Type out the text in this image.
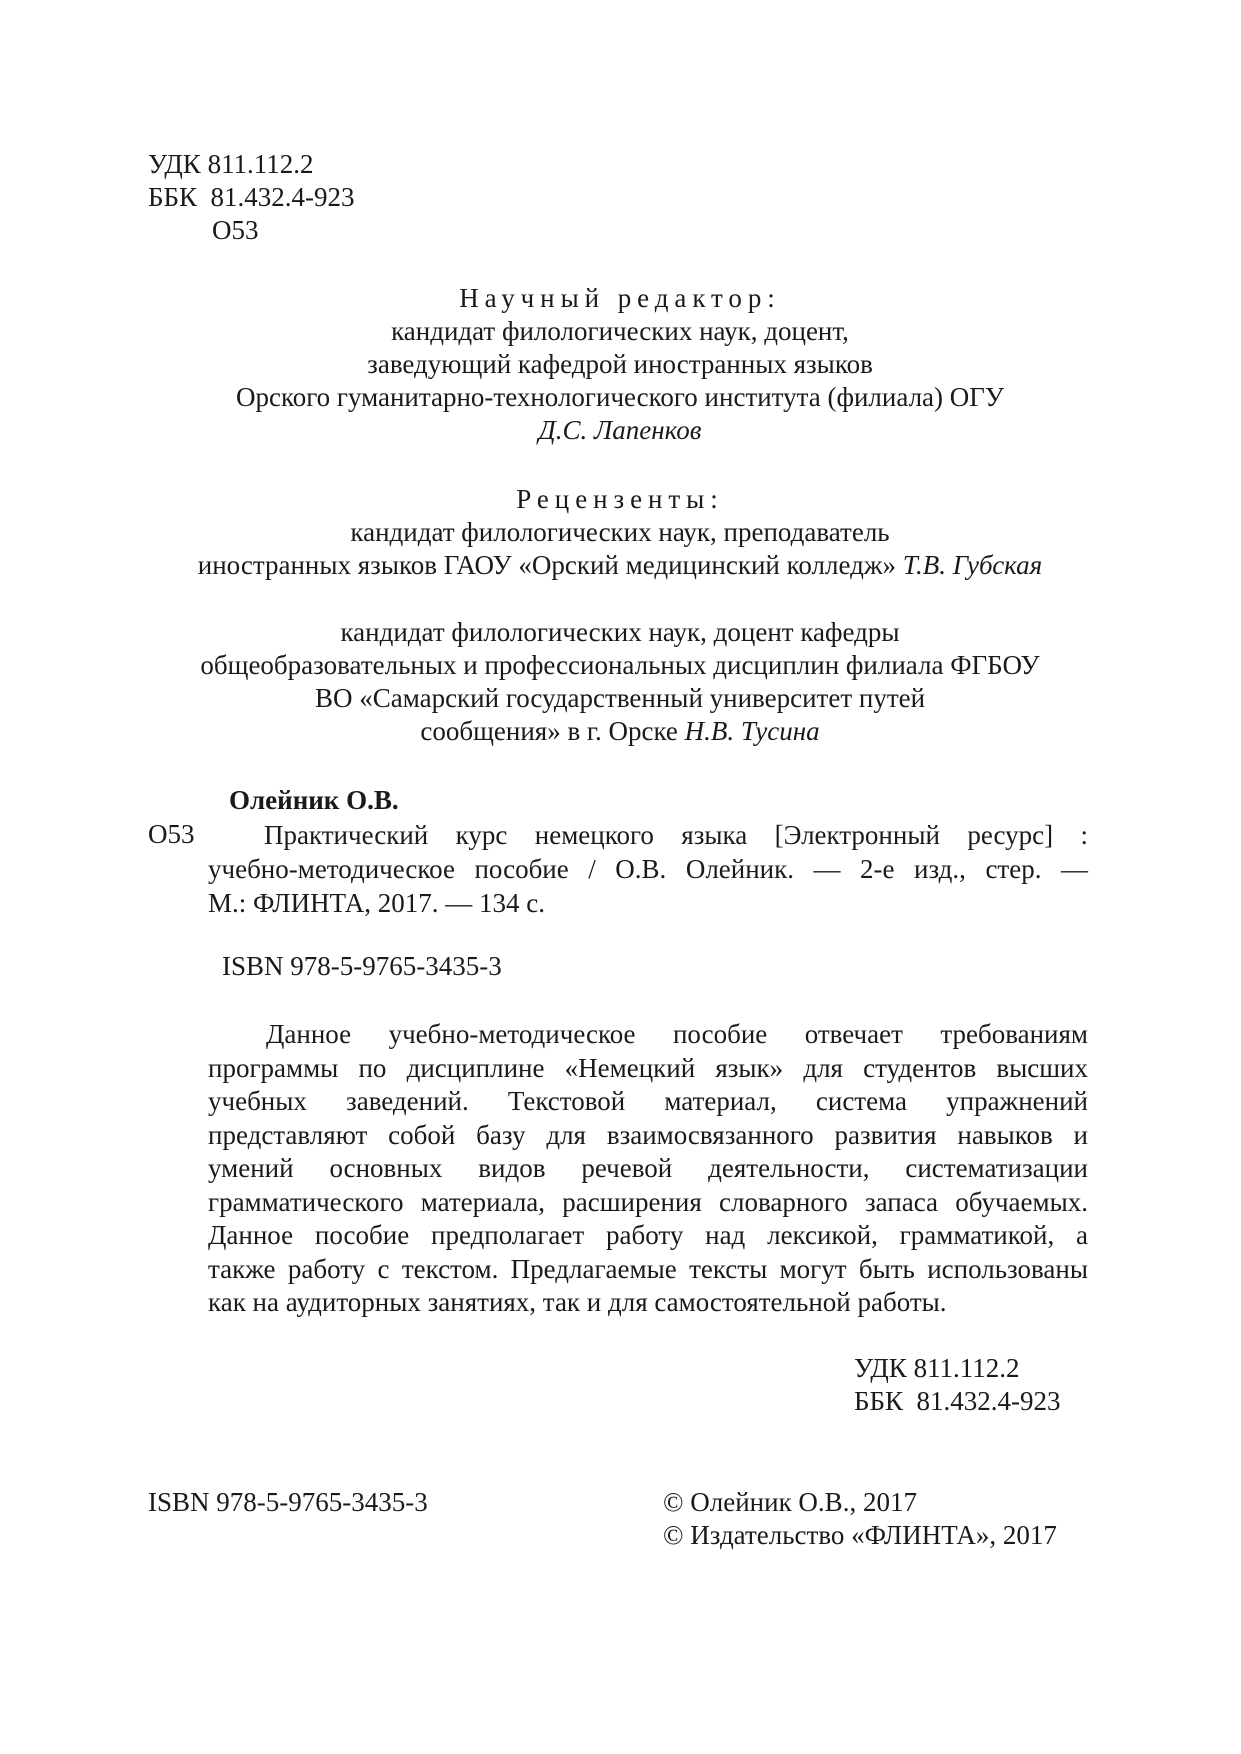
УДК 811.112.2
ББК  81.432.4-923
О53
Научный редактор:
кандидат филологических наук, доцент,
заведующий кафедрой иностранных языков
Орского гуманитарно-технологического института (филиала) ОГУ
Д.С. Лапенков
Рецензенты:
кандидат филологических наук, преподаватель
иностранных языков ГАОУ «Орский медицинский колледж» Т.В. Губская
кандидат филологических наук, доцент кафедры
общеобразовательных и профессиональных дисциплин филиала ФГБОУ
ВО «Самарский государственный университет путей
сообщения» в г. Орске Н.В. Тусина
Олейник О.В.
О53	Практический курс немецкого языка [Электронный ресурс] :
учебно-методическое пособие / О.В. Олейник. — 2-е изд., стер. —
М.: ФЛИНТА, 2017. — 134 с.
ISBN 978-5-9765-3435-3
Данное учебно-методическое пособие отвечает требованиям
программы по дисциплине «Немецкий язык» для студентов высших
учебных заведений. Текстовой материал, система упражнений
представляют собой базу для взаимосвязанного развития навыков и
умений основных видов речевой деятельности, систематизации
грамматического материала, расширения словарного запаса обучаемых.
Данное пособие предполагает работу над лексикой, грамматикой, а
также работу с текстом. Предлагаемые тексты могут быть использованы
как на аудиторных занятиях, так и для самостоятельной работы.
УДК 811.112.2
ББК  81.432.4-923
ISBN 978-5-9765-3435-3	© Олейник О.В., 2017
© Издательство «ФЛИНТА», 2017
